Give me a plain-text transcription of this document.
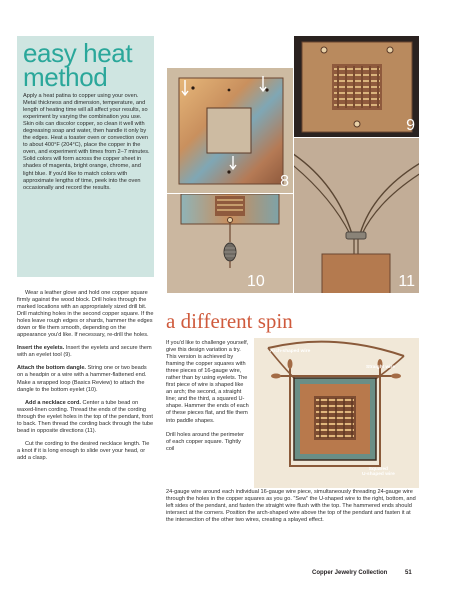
easy heat
method
Apply a heat patina to copper using your oven. Metal thickness and dimension, temperature, and length of heating time will all affect your results, so experiment by varying the combination you use. Skin oils can discolor copper, so clean it well with degreasing soap and water, then handle it only by the edges. Heat a toaster oven or convection oven to about 400°F (204°C), place the copper in the oven, and experiment with times from 2–7 minutes. Solid colors will form across the copper sheet in shades of magenta, bright orange, chrome, and light blue. If you'd like to match colors with approximate lengths of time, peek into the oven occasionally and record the results.	8
9
10	11

Wear a leather glove and hold one copper square firmly against the wood block. Drill holes through the marked locations with an appropriately sized drill bit. Drill matching holes in the second copper square. If the holes leave rough edges or shards, hammer the edges down or file them smooth, depending on the appearance you'd like. If necessary, re-drill the holes.

Insert the eyelets. Insert the eyelets and secure them with an eyelet tool (9).

Attach the bottom dangle. String one or two beads on a headpin or a wire with a hammer-flattened end. Make a wrapped loop (Basics Review) to attach the dangle to the bottom eyelet (10).

Add a necklace cord. Center a tube bead on waxed-linen cording. Thread the ends of the cording through the eyelet holes in the top of the pendant, front to back. Then thread the cording back through the tube bead in opposite directions (11).

Cut the cording to the desired necklace length. Tie a knot if it is long enough to slide over your head, or add a clasp.

a different spin

If you'd like to challenge yourself, give this design variation a try. This version is achieved by framing the copper squares with three pieces of 16-gauge wire, rather than by using eyelets. The first piece of wire is shaped like an arch; the second, a straight line; and the third, a squared U-shape. Hammer the ends of each of these pieces flat, and file them into paddle shapes.

Drill holes around the perimeter of each copper square. Tightly coil

Arch-shaped wire
Straight wire
Squared
U-shaped wire
24-gauge wire around each individual 16-gauge wire piece, simultaneously threading 24-gauge wire through the holes in the copper squares as you go. “Sew” the U-shaped wire to the right, bottom, and left sides of the pendant, and fasten the straight wire flush with the top. The hammered ends should intersect at the corners. Position the arch-shaped wire above the top of the pendant and fasten it at the intersection of the other two wires, creating a splayed effect.
Copper Jewelry Collection	51
